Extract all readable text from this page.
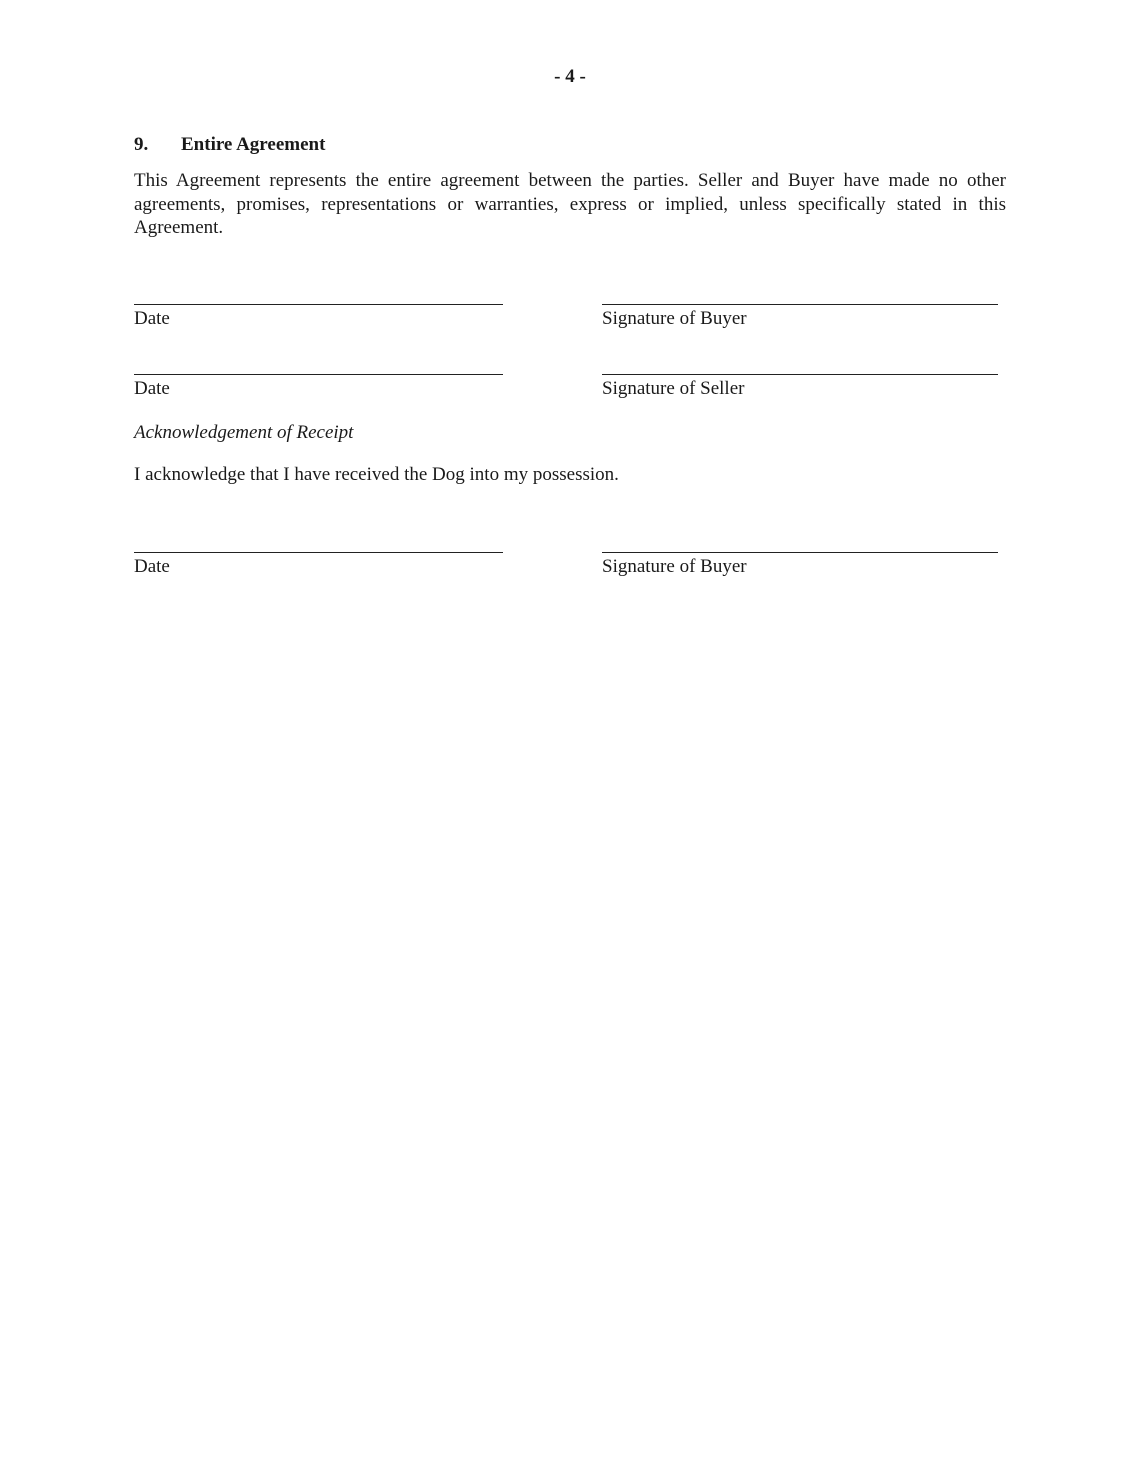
- 4 -
9. Entire Agreement
This Agreement represents the entire agreement between the parties. Seller and Buyer have made no other agreements, promises, representations or warranties, express or implied, unless specifically stated in this Agreement.
Date	Signature of Buyer
Date	Signature of Seller
Acknowledgement of Receipt
I acknowledge that I have received the Dog into my possession.
Date	Signature of Buyer
